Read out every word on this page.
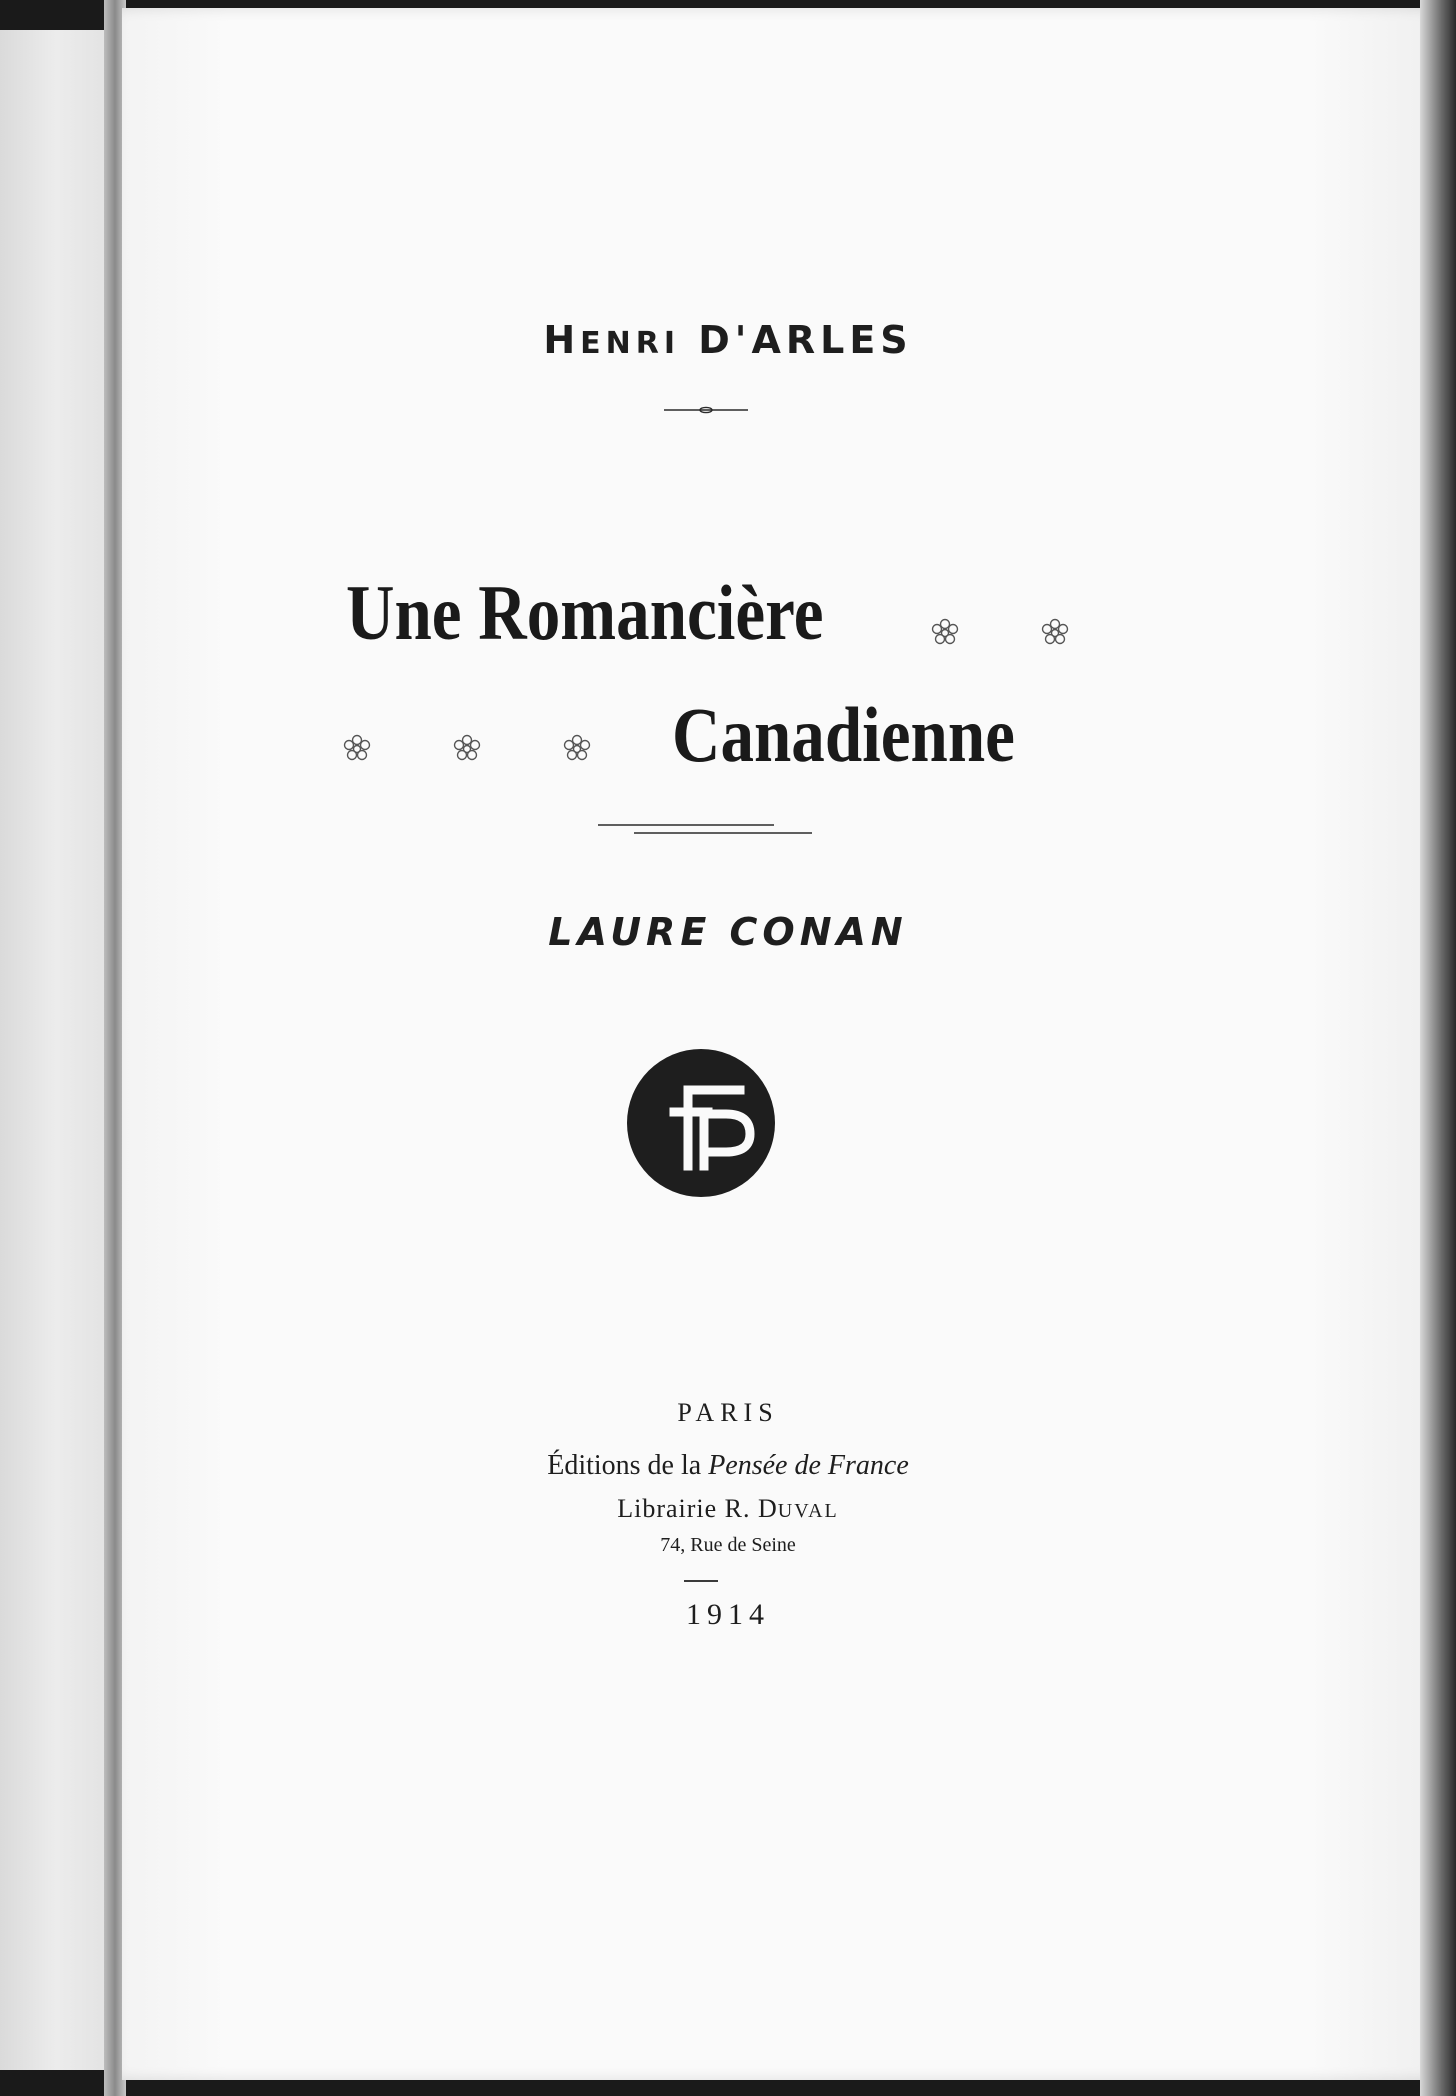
HENRI D'ARLES
Une Romancière
Canadienne
LAURE CONAN
PARIS
Éditions de la Pensée de France
Librairie R. DUVAL
74, Rue de Seine
1914
